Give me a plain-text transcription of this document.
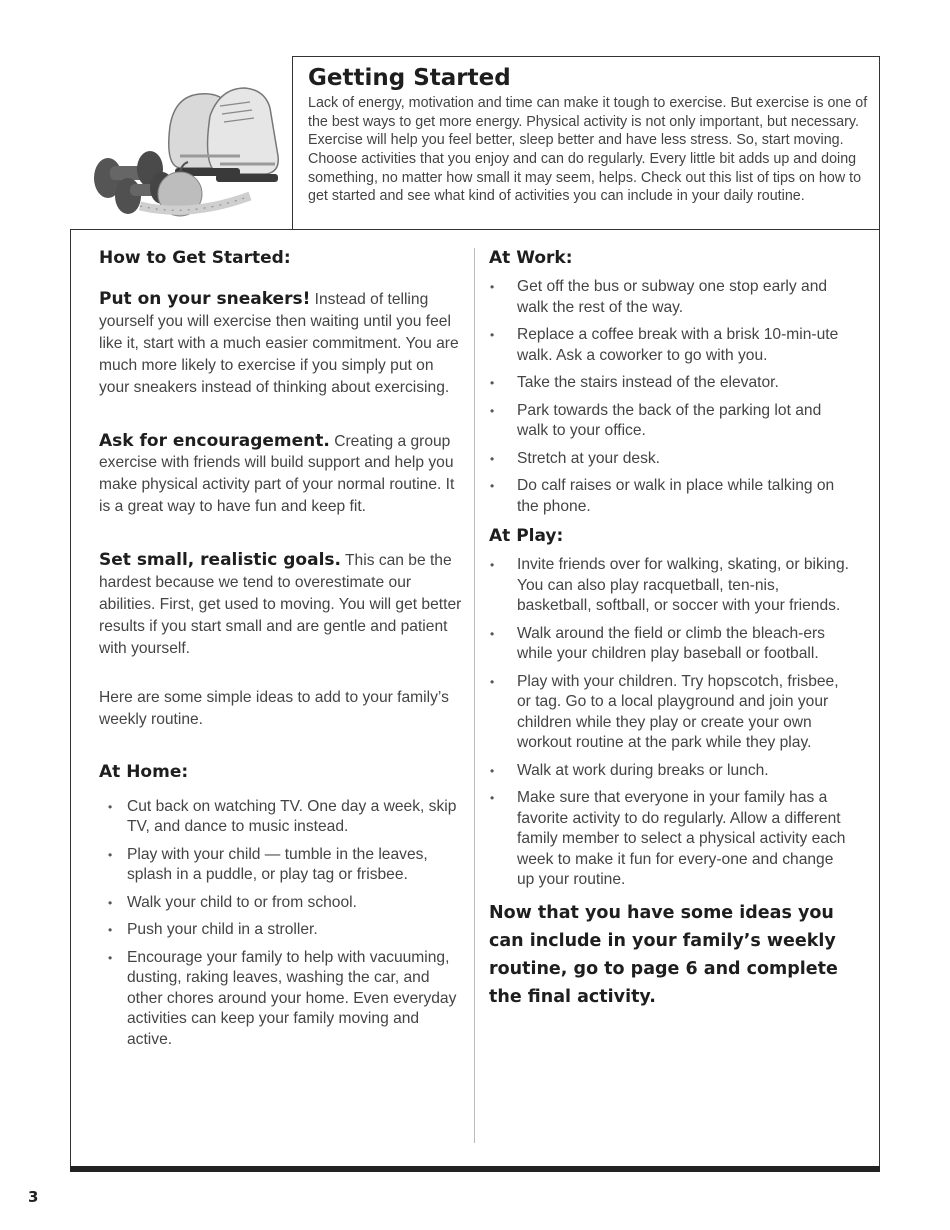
Getting Started

Lack of energy, motivation and time can make it tough to exercise. But exercise is one of the best ways to get more energy. Physical activity is not only important, but necessary. Exercise will help you feel better, sleep better and have less stress. So, start moving. Choose activities that you enjoy and can do regularly. Every little bit adds up and doing something, no matter how small it may seem, helps. Check out this list of tips on how to get started and see what kind of activities you can include in your daily routine.

How to Get Started:

Put on your sneakers! Instead of telling yourself you will exercise then waiting until you feel like it, start with a much easier commitment. You are much more likely to exercise if you simply put on your sneakers instead of thinking about exercising.

Ask for encouragement. Creating a group exercise with friends will build support and help you make physical activity part of your normal routine. It is a great way to have fun and keep fit.

Set small, realistic goals. This can be the hardest because we tend to overestimate our abilities. First, get used to moving. You will get better results if you start small and are gentle and patient with yourself.

Here are some simple ideas to add to your family’s weekly routine.

At Home:
• Cut back on watching TV. One day a week, skip TV, and dance to music instead.
• Play with your child — tumble in the leaves, splash in a puddle, or play tag or frisbee.
• Walk your child to or from school.
• Push your child in a stroller.
• Encourage your family to help with vacuuming, dusting, raking leaves, washing the car, and other chores around your home. Even everyday activities can keep your family moving and active.
At Work:
• Get off the bus or subway one stop early and walk the rest of the way.
• Replace a coffee break with a brisk 10-min-ute walk. Ask a coworker to go with you.
• Take the stairs instead of the elevator.
• Park towards the back of the parking lot and walk to your office.
• Stretch at your desk.
• Do calf raises or walk in place while talking on the phone.
At Play:
• Invite friends over for walking, skating, or biking. You can also play racquetball, ten-nis, basketball, softball, or soccer with your friends.
• Walk around the field or climb the bleach-ers while your children play baseball or football.
• Play with your children. Try hopscotch, frisbee, or tag. Go to a local playground and join your children while they play or create your own workout routine at the park while they play.
• Walk at work during breaks or lunch.
• Make sure that everyone in your family has a favorite activity to do regularly. Allow a different family member to select a physical activity each week to make it fun for every-one and change up your routine.

Now that you have some ideas you can include in your family’s weekly routine, go to page 6 and complete the final activity.

3
